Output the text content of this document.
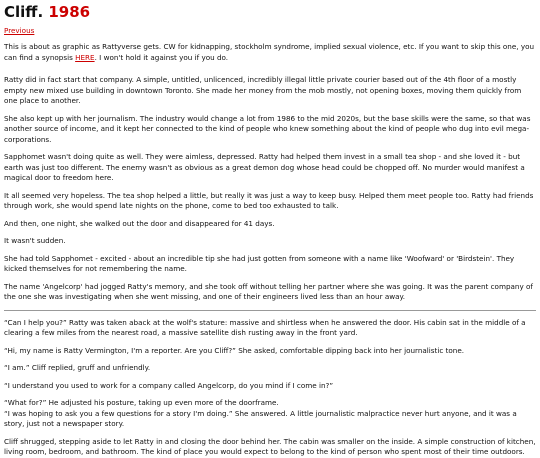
Cliff. 1986
Previous

This is about as graphic as Rattyverse gets. CW for kidnapping, stockholm syndrome, implied sexual violence, etc. If you want to skip this one, you can find a synopsis HERE. I won't hold it against you if you do.

Ratty did in fact start that company. A simple, untitled, unlicenced, incredibly illegal little private courier based out of the 4th floor of a mostly empty new mixed use building in downtown Toronto. She made her money from the mob mostly, not opening boxes, moving them quickly from one place to another.

She also kept up with her journalism. The industry would change a lot from 1986 to the mid 2020s, but the base skills were the same, so that was another source of income, and it kept her connected to the kind of people who knew something about the kind of people who dug into evil mega-corporations.

Sapphomet wasn't doing quite as well. They were aimless, depressed. Ratty had helped them invest in a small tea shop - and she loved it - but earth was just too different. The enemy wasn't as obvious as a great demon dog whose head could be chopped off. No murder would manifest a magical door to freedom here.

It all seemed very hopeless. The tea shop helped a little, but really it was just a way to keep busy. Helped them meet people too. Ratty had friends through work, she would spend late nights on the phone, come to bed too exhausted to talk.

And then, one night, she walked out the door and disappeared for 41 days.

It wasn't sudden.

She had told Sapphomet - excited - about an incredible tip she had just gotten from someone with a name like 'Woofward' or 'Birdstein'. They kicked themselves for not remembering the name.

The name 'Angelcorp' had jogged Ratty's memory, and she took off without telling her partner where she was going. It was the parent company of the one she was investigating when she went missing, and one of their engineers lived less than an hour away.

“Can I help you?” Ratty was taken aback at the wolf's stature: massive and shirtless when he answered the door. His cabin sat in the middle of a clearing a few miles from the nearest road, a massive satellite dish rusting away in the front yard.

“Hi, my name is Ratty Vermington, I'm a reporter. Are you Cliff?” She asked, comfortable dipping back into her journalistic tone.

“I am.” Cliff replied, gruff and unfriendly.

“I understand you used to work for a company called Angelcorp, do you mind if I come in?”

“What for?” He adjusted his posture, taking up even more of the doorframe.

“I was hoping to ask you a few questions for a story I'm doing.” She answered. A little journalistic malpractice never hurt anyone, and it was a story, just not a newspaper story.

Cliff shrugged, stepping aside to let Ratty in and closing the door behind her. The cabin was smaller on the inside. A simple construction of kitchen, living room, bedroom, and bathroom. The kind of place you would expect to belong to the kind of person who spent most of their time outdoors.
